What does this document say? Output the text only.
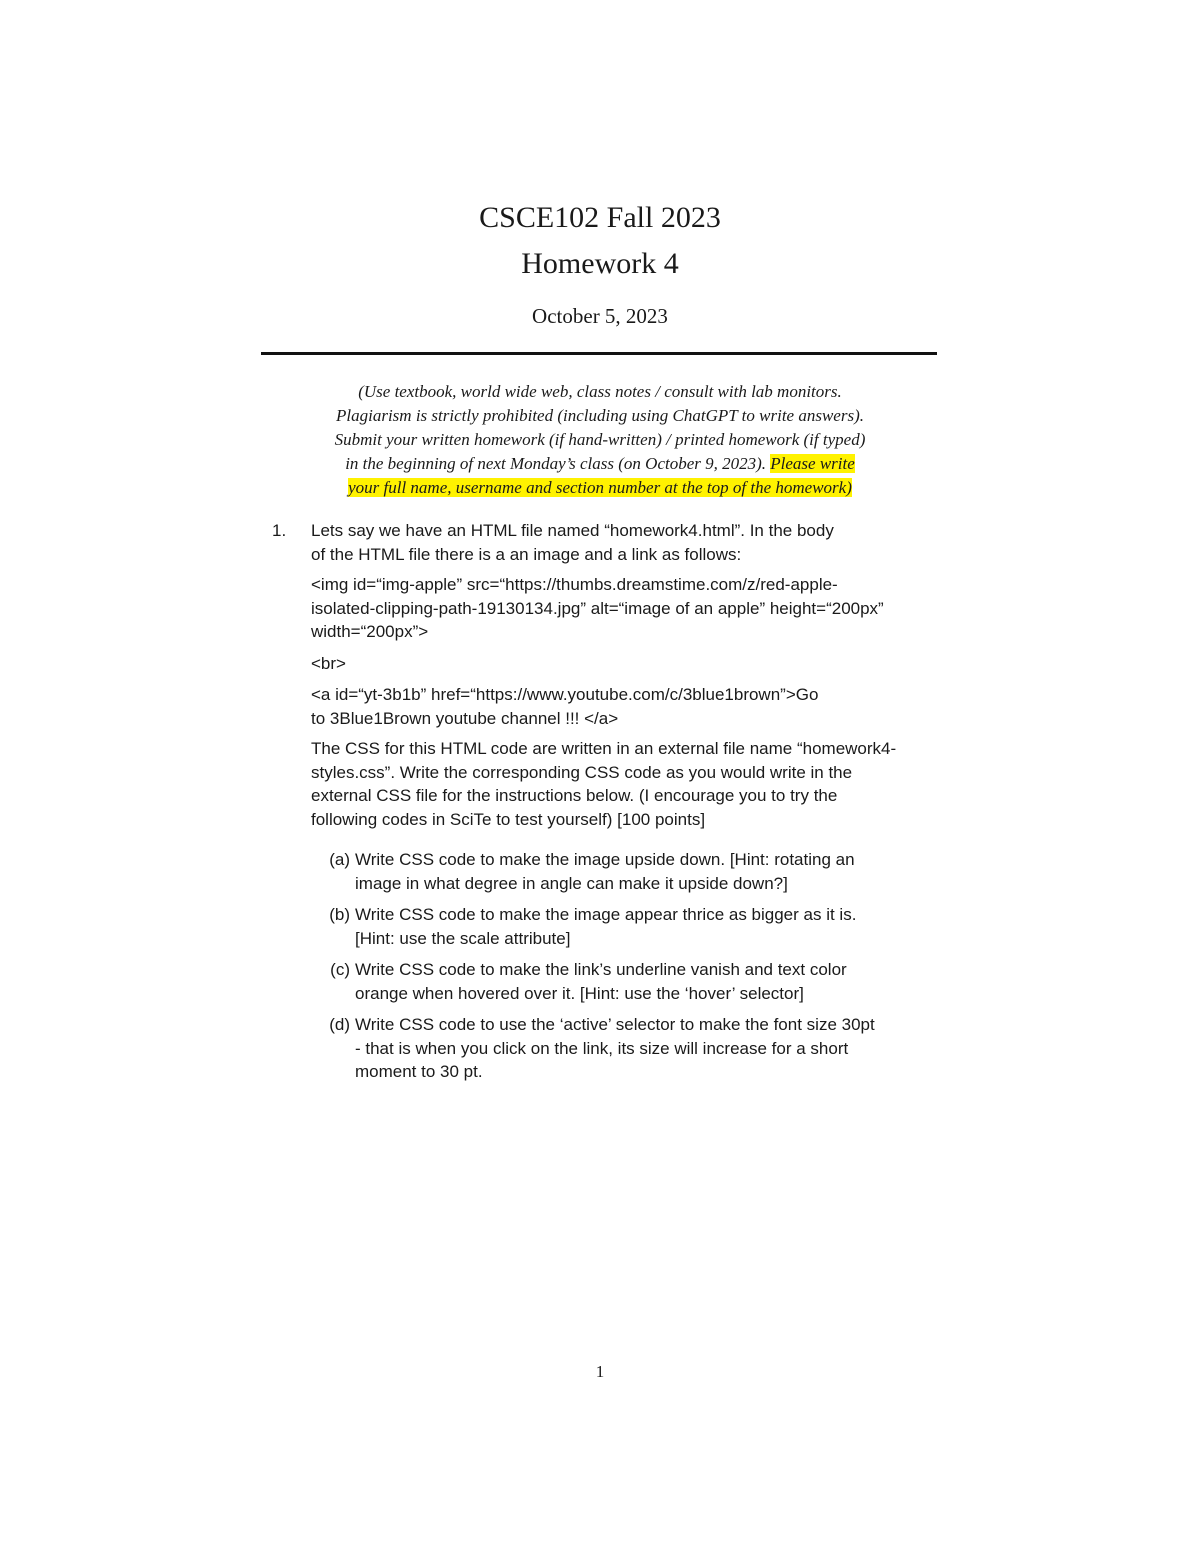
CSCE102 Fall 2023
Homework 4
October 5, 2023
(Use textbook, world wide web, class notes / consult with lab monitors.
Plagiarism is strictly prohibited (including using ChatGPT to write answers).
Submit your written homework (if hand-written) / printed homework (if typed)
in the beginning of next Monday’s class (on October 9, 2023). Please write
your full name, username and section number at the top of the homework)
1. Lets say we have an HTML file named “homework4.html”. In the body

of the HTML file there is a an image and a link as follows:

<img id=“img-apple” src=“https://thumbs.dreamstime.com/z/red-apple-

isolated-clipping-path-19130134.jpg” alt=“image of an apple” height=“200px”

width=“200px”>

<br>

<a id=“yt-3b1b” href=“https://www.youtube.com/c/3blue1brown”>Go

to 3Blue1Brown youtube channel !!! </a>

The CSS for this HTML code are written in an external file name “homework4-

styles.css”. Write the corresponding CSS code as you would write in the

external CSS file for the instructions below. (I encourage you to try the

following codes in SciTe to test yourself) [100 points]

(a) Write CSS code to make the image upside down. [Hint: rotating an
image in what degree in angle can make it upside down?]
(b) Write CSS code to make the image appear thrice as bigger as it is.
[Hint: use the scale attribute]
(c) Write CSS code to make the link’s underline vanish and text color
orange when hovered over it. [Hint: use the ‘hover’ selector]
(d) Write CSS code to use the ‘active’ selector to make the font size 30pt
- that is when you click on the link, its size will increase for a short
moment to 30 pt.
1
